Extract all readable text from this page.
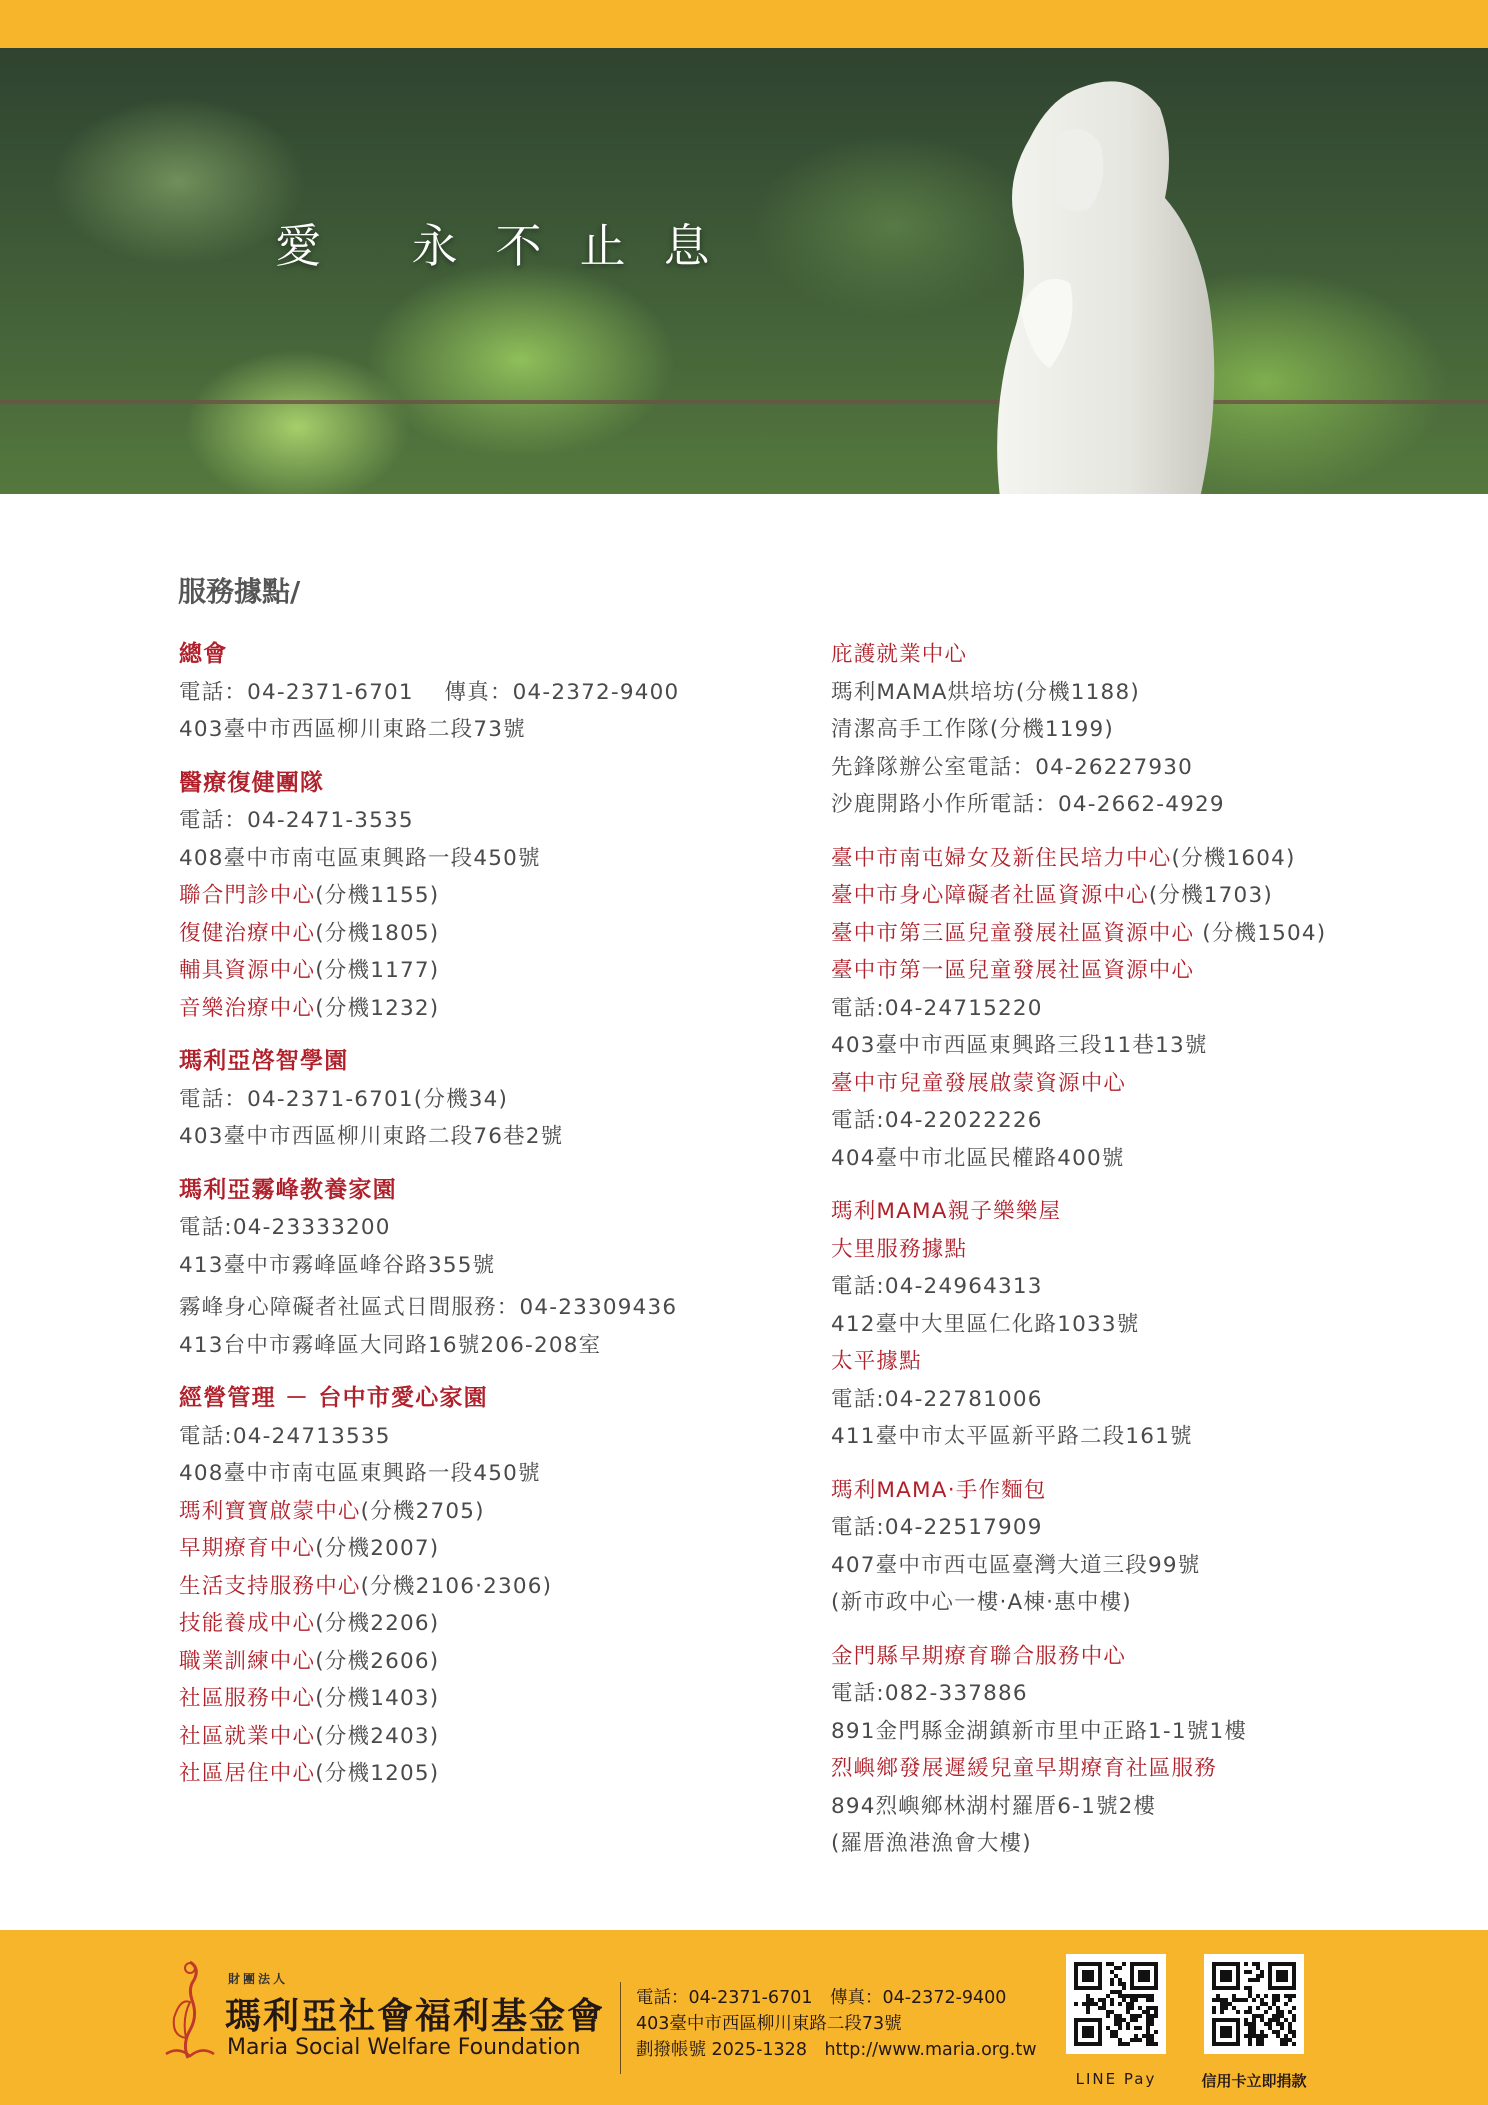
愛 永不止息
服務據點/
總會
電話：04-2371-6701　 傳真：04-2372-9400
403臺中市西區柳川東路二段73號
醫療復健團隊
電話：04-2471-3535
408臺中市南屯區東興路一段450號
聯合門診中心(分機1155)
復健治療中心(分機1805)
輔具資源中心(分機1177)
音樂治療中心(分機1232)
瑪利亞啓智學園
電話：04-2371-6701(分機34)
403臺中市西區柳川東路二段76巷2號
瑪利亞霧峰教養家園
電話:04-23333200
413臺中市霧峰區峰谷路355號
霧峰身心障礙者社區式日間服務：04-23309436
413台中市霧峰區大同路16號206-208室
經營管理 － 台中市愛心家園
電話:04-24713535
408臺中市南屯區東興路一段450號
瑪利寶寶啟蒙中心(分機2705)
早期療育中心(分機2007)
生活支持服務中心(分機2106‧2306)
技能養成中心(分機2206)
職業訓練中心(分機2606)
社區服務中心(分機1403)
社區就業中心(分機2403)
社區居住中心(分機1205)
庇護就業中心
瑪利MAMA烘培坊(分機1188)
清潔高手工作隊(分機1199)
先鋒隊辦公室電話：04-26227930
沙鹿開路小作所電話：04-2662-4929
臺中市南屯婦女及新住民培力中心(分機1604)
臺中市身心障礙者社區資源中心(分機1703)
臺中市第三區兒童發展社區資源中心 (分機1504)
臺中市第一區兒童發展社區資源中心
電話:04-24715220
403臺中市西區東興路三段11巷13號
臺中市兒童發展啟蒙資源中心
電話:04-22022226
404臺中市北區民權路400號
瑪利MAMA親子樂樂屋
大里服務據點
電話:04-24964313
412臺中大里區仁化路1033號
太平據點
電話:04-22781006
411臺中市太平區新平路二段161號
瑪利MAMA‧手作麵包
電話:04-22517909
407臺中市西屯區臺灣大道三段99號
(新市政中心一樓‧A棟‧惠中樓)
金門縣早期療育聯合服務中心
電話:082-337886
891金門縣金湖鎮新市里中正路1-1號1樓
烈嶼鄉發展遲緩兒童早期療育社區服務
894烈嶼鄉林湖村羅厝6-1號2樓
(羅厝漁港漁會大樓)
財團法人
瑪利亞社會福利基金會
Maria Social Welfare Foundation
電話：04-2371-6701　傳真：04-2372-9400
403臺中市西區柳川東路二段73號
劃撥帳號 2025-1328　http://www.maria.org.tw
LINE Pay	信用卡立即捐款
